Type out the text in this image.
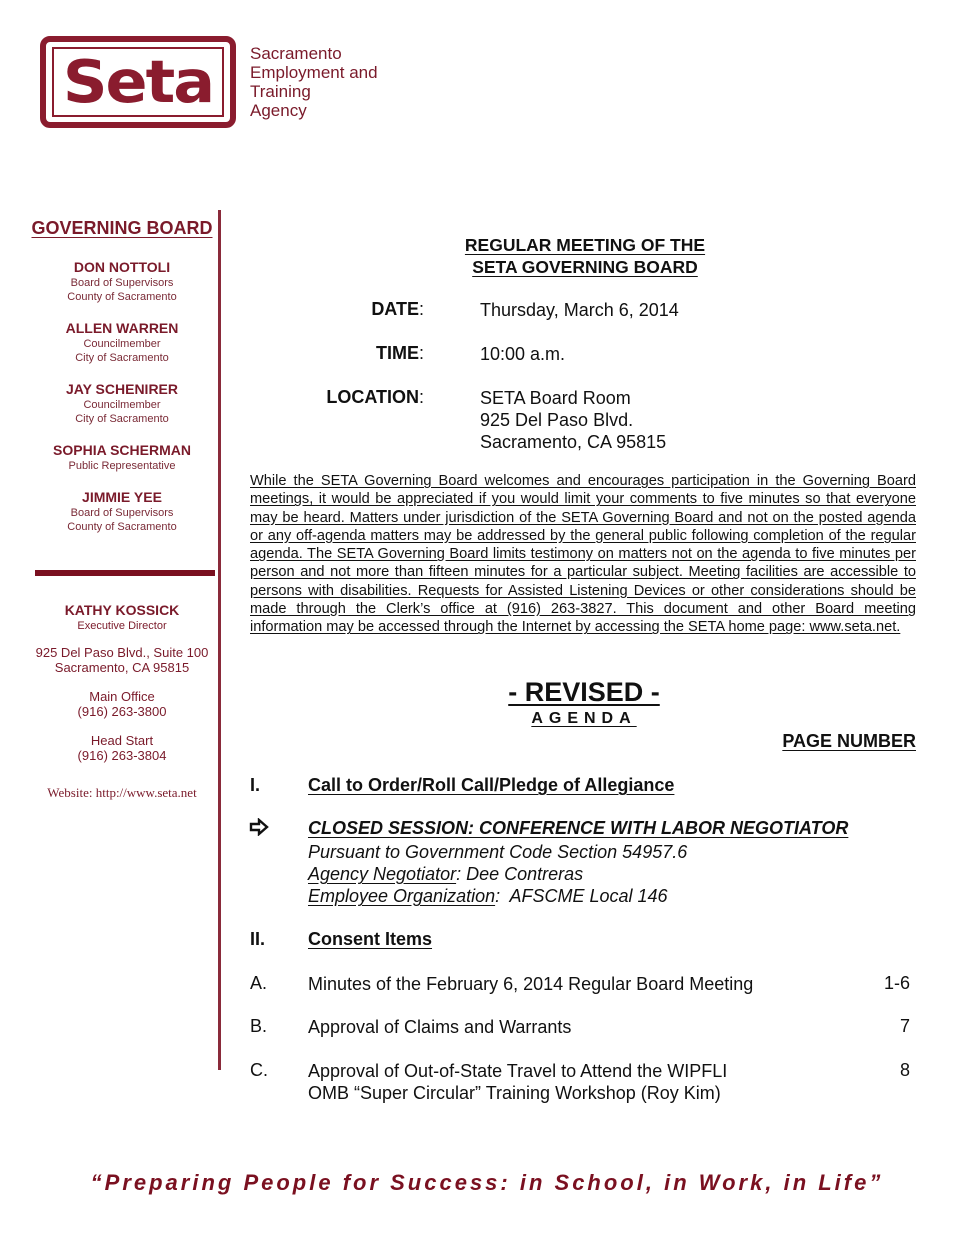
Seta Sacramento
Employment and
Training
Agency
GOVERNING BOARD
DON NOTTOLI
Board of Supervisors
County of Sacramento
ALLEN WARREN
Councilmember
City of Sacramento
JAY SCHENIRER
Councilmember
City of Sacramento
SOPHIA SCHERMAN
Public Representative
JIMMIE YEE
Board of Supervisors
County of Sacramento
KATHY KOSSICK
Executive Director
925 Del Paso Blvd., Suite 100
Sacramento, CA 95815
Main Office
(916) 263-3800
Head Start
(916) 263-3804
Website: http://www.seta.net
REGULAR MEETING OF THE
SETA GOVERNING BOARD
DATE:	Thursday, March 6, 2014
TIME:	10:00 a.m.
LOCATION:	SETA Board Room
925 Del Paso Blvd.
Sacramento, CA 95815
While the SETA Governing Board welcomes and encourages participation in the Governing Board meetings, it would be appreciated if you would limit your comments to five minutes so that everyone may be heard. Matters under jurisdiction of the SETA Governing Board and not on the posted agenda or any off-agenda matters may be addressed by the general public following completion of the regular agenda. The SETA Governing Board limits testimony on matters not on the agenda to five minutes per person and not more than fifteen minutes for a particular subject. Meeting facilities are accessible to persons with disabilities. Requests for Assisted Listening Devices or other considerations should be made through the Clerk’s office at (916) 263-3827. This document and other Board meeting information may be accessed through the Internet by accessing the SETA home page: www.seta.net.
- REVISED -
AGENDA
PAGE NUMBER
I.	Call to Order/Roll Call/Pledge of Allegiance
CLOSED SESSION: CONFERENCE WITH LABOR NEGOTIATOR
Pursuant to Government Code Section 54957.6
Agency Negotiator: Dee Contreras
Employee Organization:  AFSCME Local 146
II. Consent Items
A. Minutes of the February 6, 2014 Regular Board Meeting	1-6
B. Approval of Claims and Warrants	7
C. Approval of Out-of-State Travel to Attend the WIPFLI
OMB “Super Circular” Training Workshop (Roy Kim)
8
“Preparing People for Success: in School, in Work, in Life”
